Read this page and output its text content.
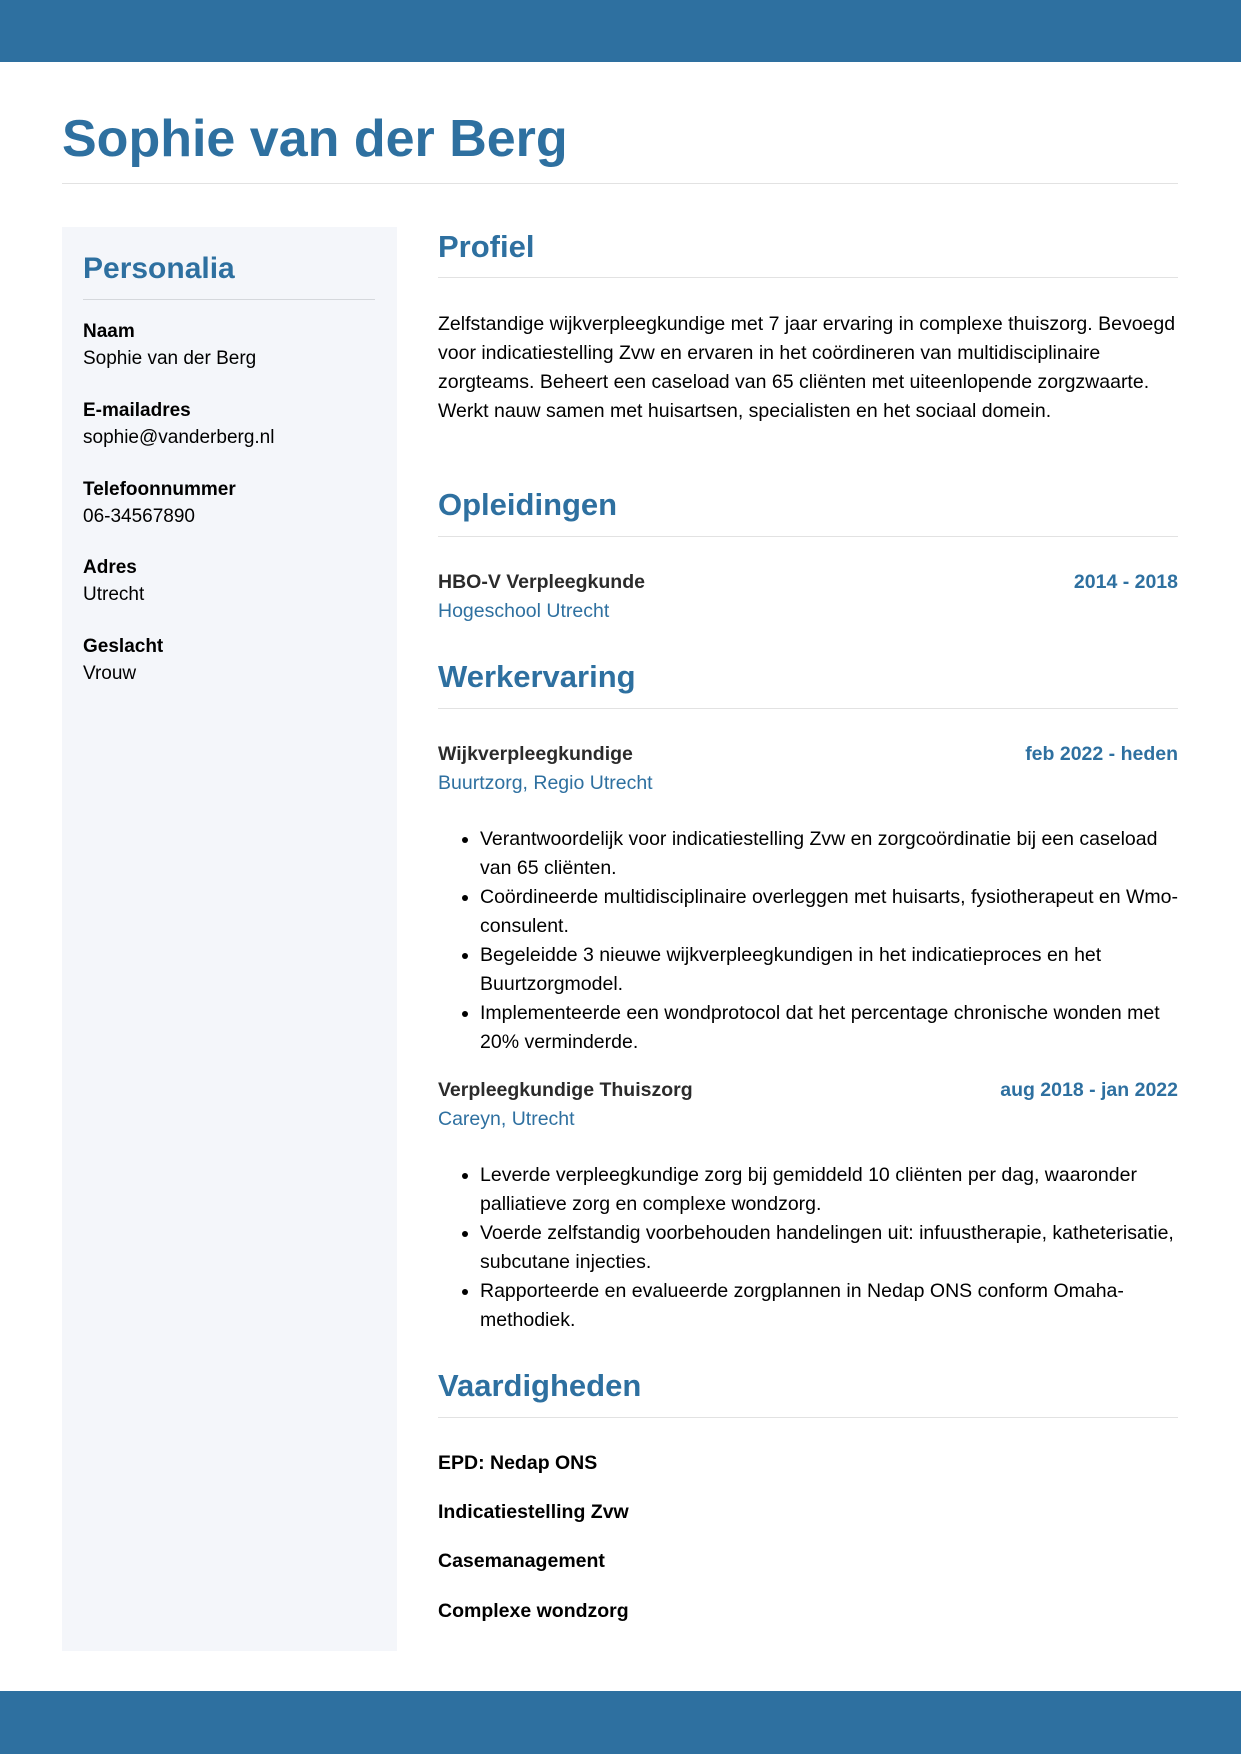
Sophie van der Berg
Personalia
Naam
Sophie van der Berg
E-mailadres
sophie@vanderberg.nl
Telefoonnummer
06-34567890
Adres
Utrecht
Geslacht
Vrouw
Profiel

Zelfstandige wijkverpleegkundige met 7 jaar ervaring in complexe thuiszorg. Bevoegd voor indicatiestelling Zvw en ervaren in het coördineren van multidisciplinaire zorgteams. Beheert een caseload van 65 cliënten met uiteenlopende zorgzwaarte. Werkt nauw samen met huisartsen, specialisten en het sociaal domein.

Opleidingen
HBO-V Verpleegkunde	2014 - 2018
Hogeschool Utrecht
Werkervaring
Wijkverpleegkundige	feb 2022 - heden
Buurtzorg, Regio Utrecht
• Verantwoordelijk voor indicatiestelling Zvw en zorgcoördinatie bij een caseload van 65 cliënten.
• Coördineerde multidisciplinaire overleggen met huisarts, fysiotherapeut en Wmo-consulent.
• Begeleidde 3 nieuwe wijkverpleegkundigen in het indicatieproces en het Buurtzorgmodel.
• Implementeerde een wondprotocol dat het percentage chronische wonden met 20% verminderde.
Verpleegkundige Thuiszorg	aug 2018 - jan 2022
Careyn, Utrecht
• Leverde verpleegkundige zorg bij gemiddeld 10 cliënten per dag, waaronder palliatieve zorg en complexe wondzorg.
• Voerde zelfstandig voorbehouden handelingen uit: infuustherapie, katheterisatie, subcutane injecties.
• Rapporteerde en evalueerde zorgplannen in Nedap ONS conform Omaha-methodiek.
Vaardigheden
EPD: Nedap ONS
Indicatiestelling Zvw
Casemanagement
Complexe wondzorg
